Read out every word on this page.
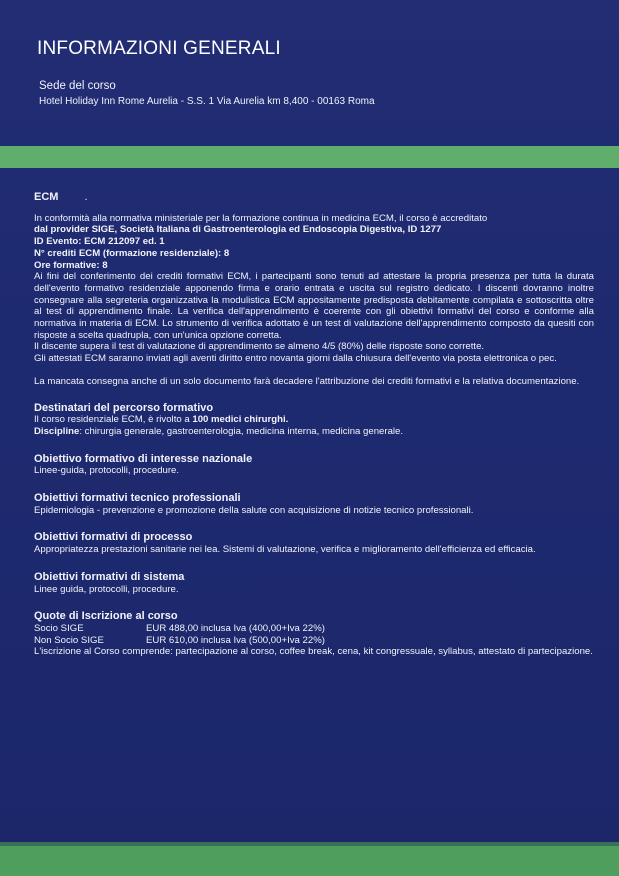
INFORMAZIONI GENERALI
Sede del corso
Hotel Holiday Inn Rome Aurelia - S.S. 1 Via Aurelia km 8,400 - 00163 Roma
ECM .

In conformità alla normativa ministeriale per la formazione continua in medicina ECM, il corso è accreditato

dal provider SIGE, Società Italiana di Gastroenterologia ed Endoscopia Digestiva, ID 1277

ID Evento: ECM 212097 ed. 1

N° crediti ECM (formazione residenziale): 8

Ore formative: 8

Ai fini del conferimento dei crediti formativi ECM, i partecipanti sono tenuti ad attestare la propria presenza per tutta la durata dell'evento formativo residenziale apponendo firma e orario entrata e uscita sul registro dedicato. I discenti dovranno inoltre consegnare alla segreteria organizzativa la modulistica ECM appositamente predisposta debitamente compilata e sottoscritta oltre al test di apprendimento finale. La verifica dell'apprendimento è coerente con gli obiettivi formativi del corso e conforme alla normativa in materia di ECM. Lo strumento di verifica adottato è un test di valutazione dell'apprendimento composto da quesiti con risposte a scelta quadrupla, con un'unica opzione corretta.

Il discente supera il test di valutazione di apprendimento se almeno 4/5 (80%) delle risposte sono corrette.

Gli attestati ECM saranno inviati agli aventi diritto entro novanta giorni dalla chiusura dell'evento via posta elettronica o pec.

La mancata consegna anche di un solo documento farà decadere l'attribuzione dei crediti formativi e la relativa documentazione.

Destinatari del percorso formativo

Il corso residenziale ECM, è rivolto a 100 medici chirurghi.

Discipline: chirurgia generale, gastroenterologia, medicina interna, medicina generale.

Obiettivo formativo di interesse nazionale

Linee-guida, protocolli, procedure.

Obiettivi formativi tecnico professionali

Epidemiologia - prevenzione e promozione della salute con acquisizione di notizie tecnico professionali.

Obiettivi formativi di processo

Appropriatezza prestazioni sanitarie nei lea. Sistemi di valutazione, verifica e miglioramento dell'efficienza ed efficacia.

Obiettivi formativi di sistema

Linee guida, protocolli, procedure.

Quote di Iscrizione al corso
Socio SIGE	EUR 488,00 inclusa Iva (400,00+Iva 22%)
Non Socio SIGE	EUR 610,00 inclusa Iva (500,00+Iva 22%)

L'iscrizione al Corso comprende: partecipazione al corso, coffee break, cena, kit congressuale, syllabus, attestato di partecipazione.
